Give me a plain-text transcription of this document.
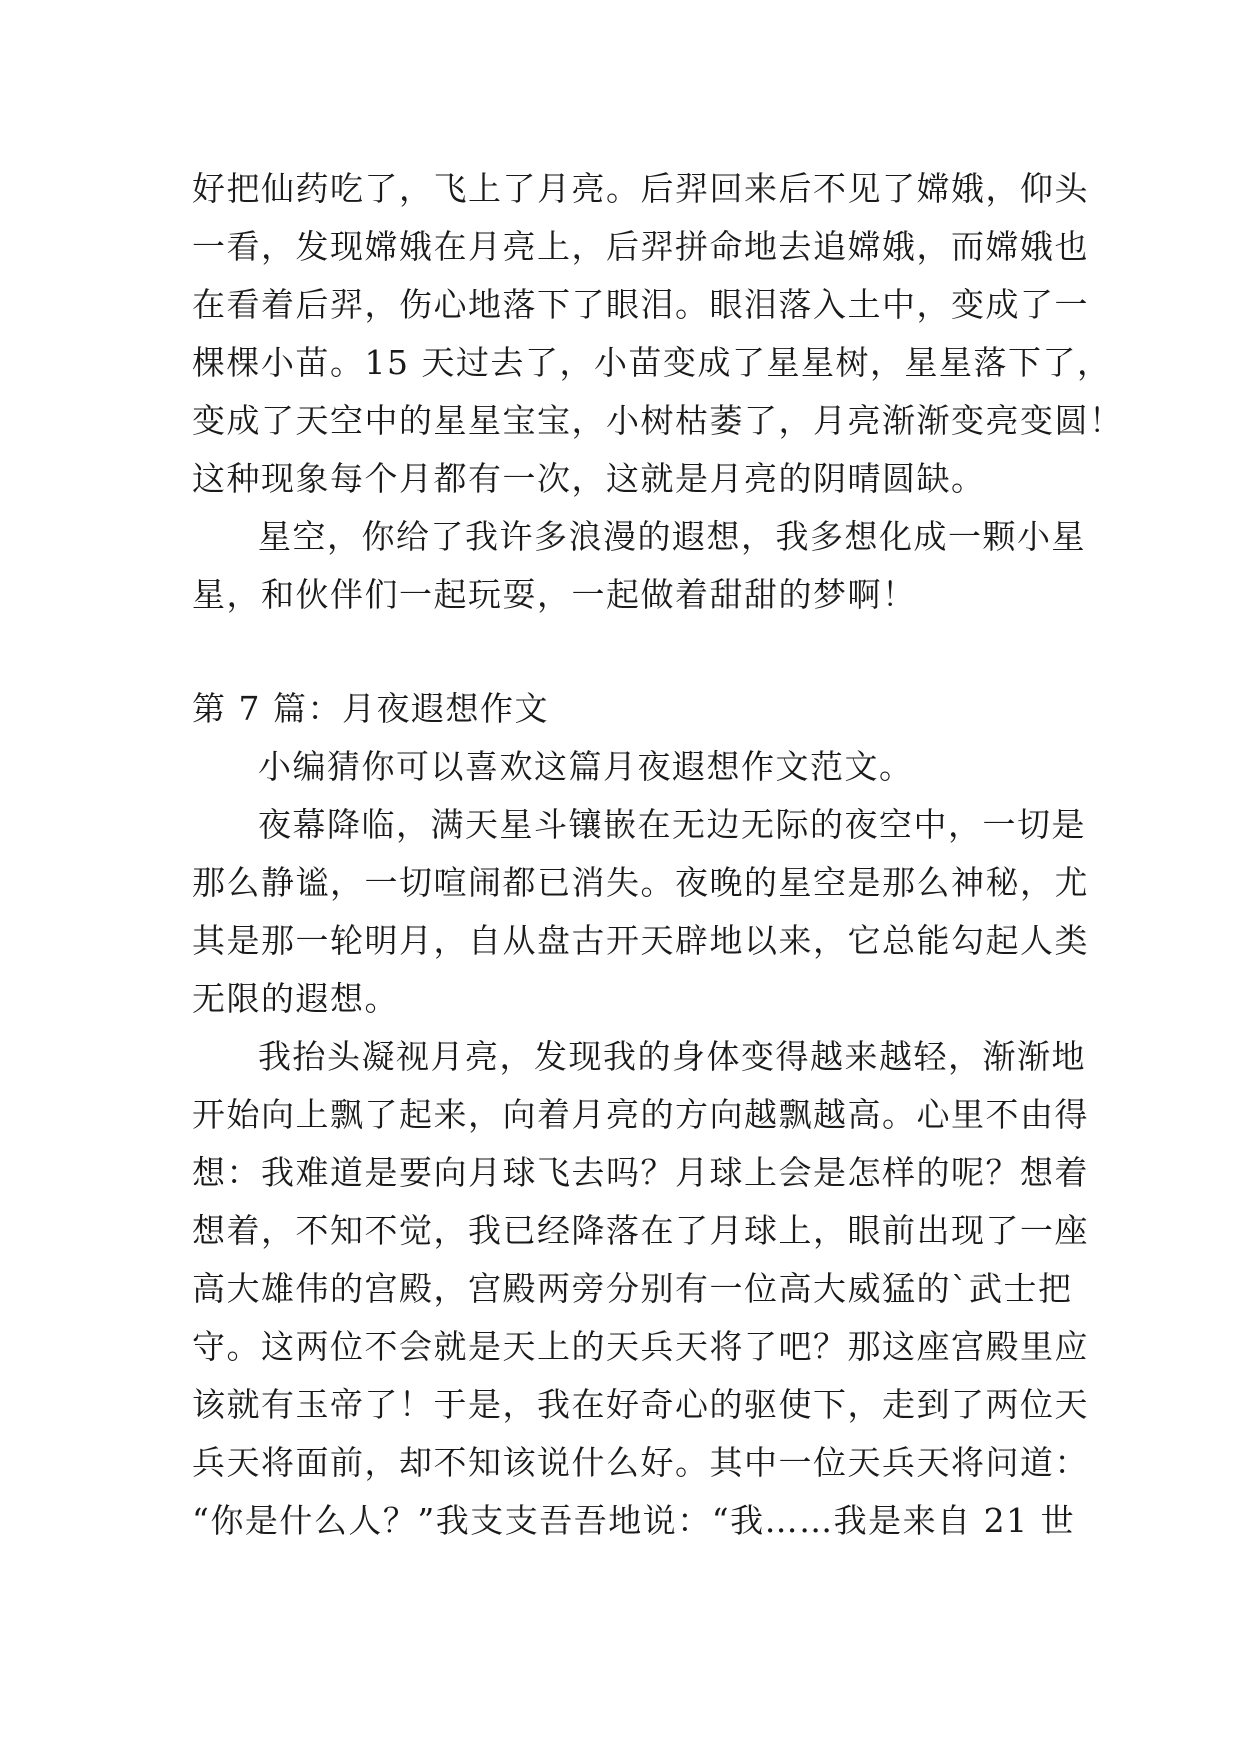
好把仙药吃了，飞上了月亮。后羿回来后不见了嫦娥，仰头
一看，发现嫦娥在月亮上，后羿拼命地去追嫦娥，而嫦娥也
在看着后羿，伤心地落下了眼泪。眼泪落入土中，变成了一
棵棵小苗。15 天过去了，小苗变成了星星树，星星落下了，
变成了天空中的星星宝宝，小树枯萎了，月亮渐渐变亮变圆！
这种现象每个月都有一次，这就是月亮的阴晴圆缺。
星空，你给了我许多浪漫的遐想，我多想化成一颗小星
星，和伙伴们一起玩耍，一起做着甜甜的梦啊！
第 7 篇：月夜遐想作文
小编猜你可以喜欢这篇月夜遐想作文范文。
夜幕降临，满天星斗镶嵌在无边无际的夜空中，一切是
那么静谧，一切喧闹都已消失。夜晚的星空是那么神秘，尤
其是那一轮明月，自从盘古开天辟地以来，它总能勾起人类
无限的遐想。
我抬头凝视月亮，发现我的身体变得越来越轻，渐渐地
开始向上飘了起来，向着月亮的方向越飘越高。心里不由得
想：我难道是要向月球飞去吗？月球上会是怎样的呢？想着
想着，不知不觉，我已经降落在了月球上，眼前出现了一座
高大雄伟的宫殿，宫殿两旁分别有一位高大威猛的`武士把
守。这两位不会就是天上的天兵天将了吧？那这座宫殿里应
该就有玉帝了！于是，我在好奇心的驱使下，走到了两位天
兵天将面前，却不知该说什么好。其中一位天兵天将问道：
“你是什么人？”我支支吾吾地说：“我……我是来自 21 世
